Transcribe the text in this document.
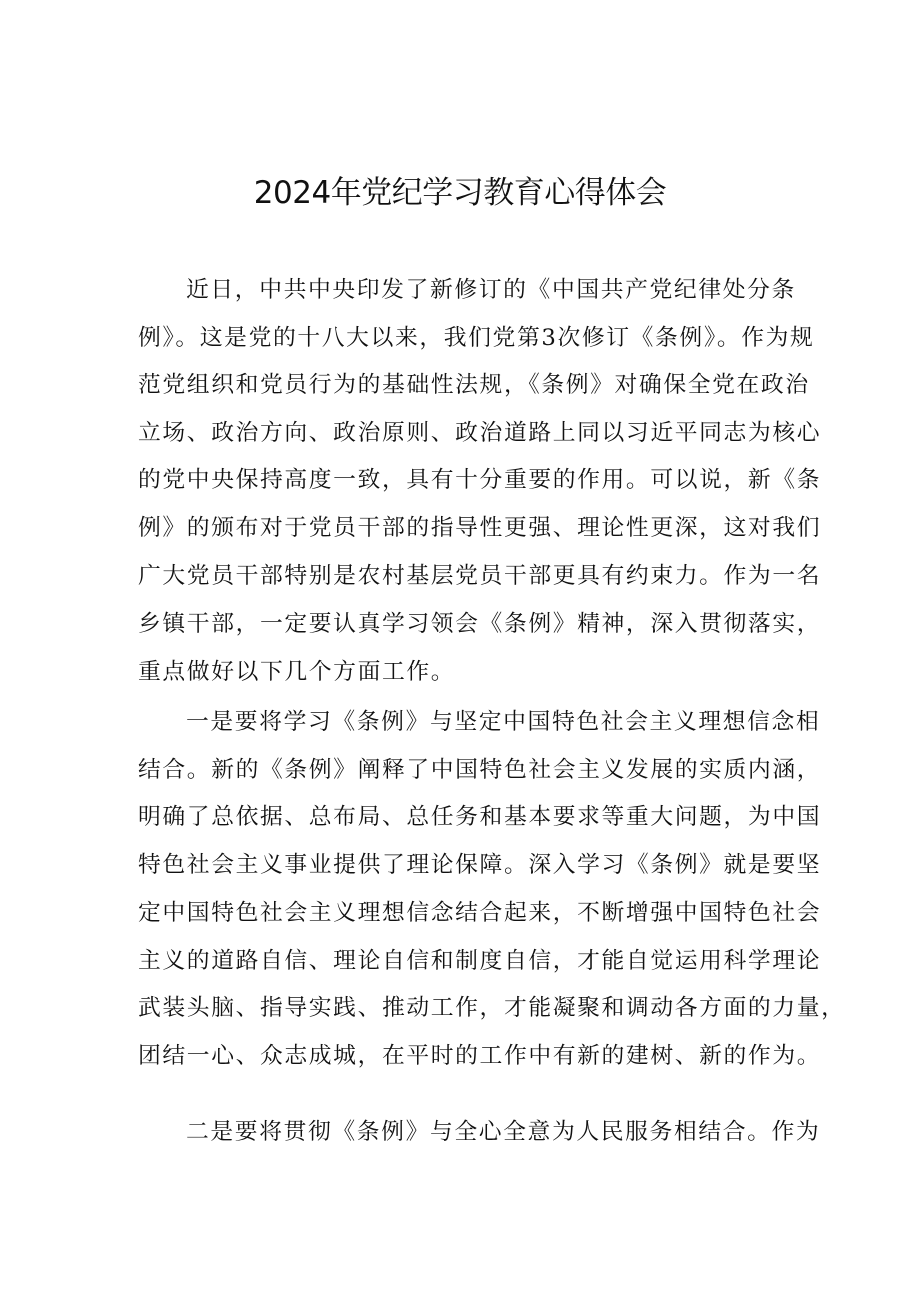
2024年党纪学习教育心得体会
近日，中共中央印发了新修订的《中国共产党纪律处分条
例》。这是党的十八大以来，我们党第3次修订《条例》。作为规
范党组织和党员行为的基础性法规，《条例》对确保全党在政治
立场、政治方向、政治原则、政治道路上同以习近平同志为核心
的党中央保持高度一致，具有十分重要的作用。可以说，新《条
例》的颁布对于党员干部的指导性更强、理论性更深，这对我们
广大党员干部特别是农村基层党员干部更具有约束力。作为一名
乡镇干部，一定要认真学习领会《条例》精神，深入贯彻落实，
重点做好以下几个方面工作。
一是要将学习《条例》与坚定中国特色社会主义理想信念相
结合。新的《条例》阐释了中国特色社会主义发展的实质内涵，
明确了总依据、总布局、总任务和基本要求等重大问题，为中国
特色社会主义事业提供了理论保障。深入学习《条例》就是要坚
定中国特色社会主义理想信念结合起来，不断增强中国特色社会
主义的道路自信、理论自信和制度自信，才能自觉运用科学理论
武装头脑、指导实践、推动工作，才能凝聚和调动各方面的力量，
团结一心、众志成城，在平时的工作中有新的建树、新的作为。
二是要将贯彻《条例》与全心全意为人民服务相结合。作为
